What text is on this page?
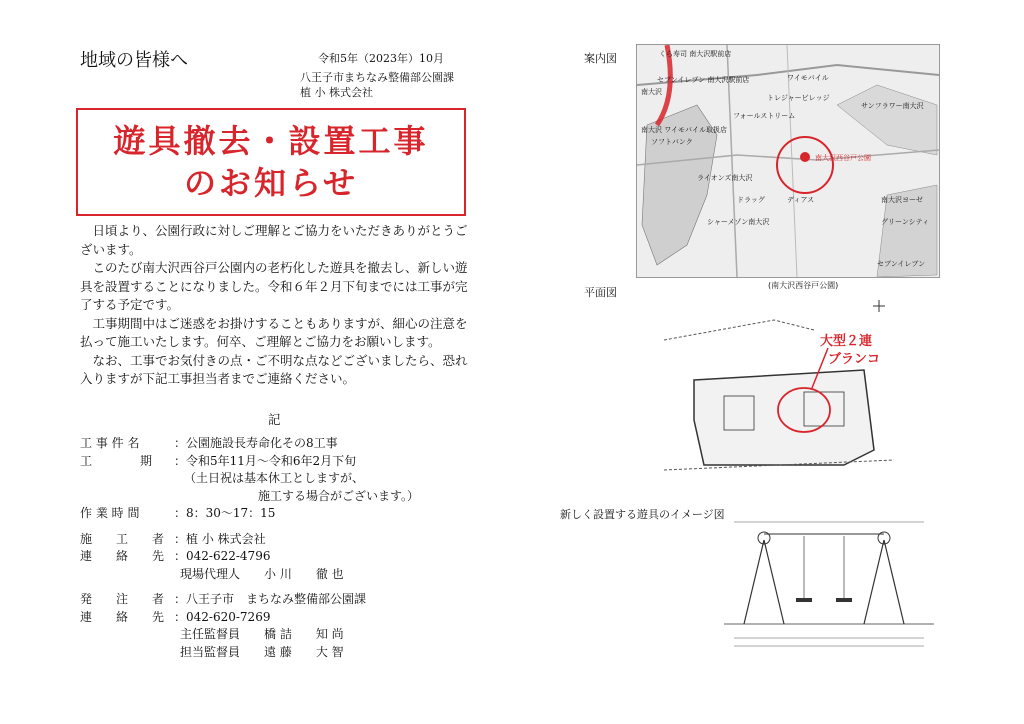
地域の皆様へ	令和5年（2023年）10月
八王子市まちなみ整備部公園課
植 小 株式会社
遊具撤去・設置工事
のお知らせ

日頃より、公園行政に対しご理解とご協力をいただきありがとうございます。

このたび南大沢西谷戸公園内の老朽化した遊具を撤去し、新しい遊具を設置することになりました。令和６年２月下旬までには工事が完了する予定です。

工事期間中はご迷惑をお掛けすることもありますが、細心の注意を払って施工いたします。何卒、ご理解とご協力をお願いします。

なお、工事でお気付きの点・ご不明な点などございましたら、恐れ入りますが下記工事担当者までご連絡ください。

記
工 事 件 名	：公園施設長寿命化その8工事
工　　　　期	：令和5年11月～令和6年2月下旬
（土日祝は基本休工としますが、
施工する場合がございます。）
作 業 時 間	：8：30～17：15
施　　工　　者 ：植 小 株式会社
連　　絡　　先 ：042-622-4796
現場代理人　　小 川　　徹 也
発　　注　　者 ：八王子市　まちなみ整備部公園課
連　　絡　　先 ：042-620-7269
主任監督員　　橋 詰　　知 尚
担当監督員　　遠 藤　　大 智
案内図
南大沢西谷戸公園
くら寿司 南大沢駅前店
セブンイレブン 南大沢駅前店
南大沢
ワイモバイル
トレジャービレッジ
サンフラワー南大沢
フォールストリーム
ソフトバンク
南大沢 ワイモバイル取扱店
ライオンズ南大沢
ドラッグ	ディアス
シャーメゾン南大沢
南大沢ヨーゼ
グリーンシティ
セブンイレブン
(南大沢西谷戸公園)
平面図
大型２連
ブランコ
新しく設置する遊具のイメージ図
